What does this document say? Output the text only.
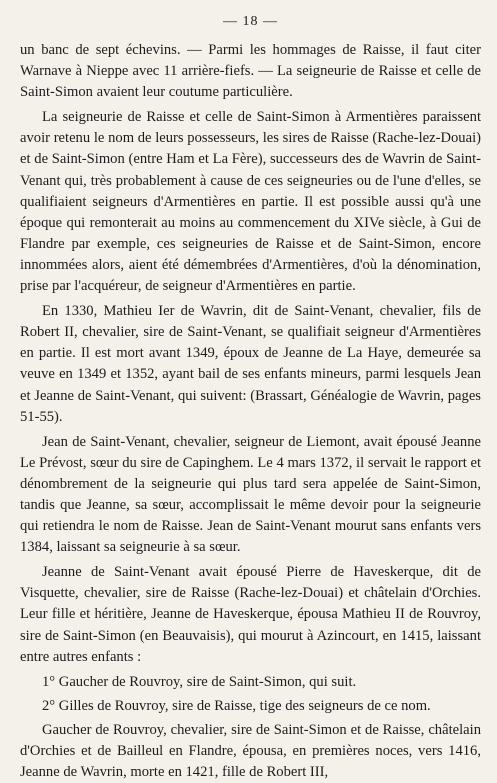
— 18 —

un banc de sept échevins. — Parmi les hommages de Raisse, il faut citer Warnave à Nieppe avec 11 arrière-fiefs. — La seigneurie de Raisse et celle de Saint-Simon avaient leur coutume particulière.

La seigneurie de Raisse et celle de Saint-Simon à Armentières paraissent avoir retenu le nom de leurs possesseurs, les sires de Raisse (Rache-lez-Douai) et de Saint-Simon (entre Ham et La Fère), successeurs des de Wavrin de Saint-Venant qui, très probablement à cause de ces seigneuries ou de l'une d'elles, se qualifiaient seigneurs d'Armentières en partie. Il est possible aussi qu'à une époque qui remonterait au moins au commencement du XIVe siècle, à Gui de Flandre par exemple, ces seigneuries de Raisse et de Saint-Simon, encore innommées alors, aient été démembrées d'Armentières, d'où la dénomination, prise par l'acquéreur, de seigneur d'Armentières en partie.

En 1330, Mathieu Ier de Wavrin, dit de Saint-Venant, chevalier, fils de Robert II, chevalier, sire de Saint-Venant, se qualifiait seigneur d'Armentières en partie. Il est mort avant 1349, époux de Jeanne de La Haye, demeurée sa veuve en 1349 et 1352, ayant bail de ses enfants mineurs, parmi lesquels Jean et Jeanne de Saint-Venant, qui suivent: (Brassart, Généalogie de Wavrin, pages 51-55).

Jean de Saint-Venant, chevalier, seigneur de Liemont, avait épousé Jeanne Le Prévost, sœur du sire de Capinghem. Le 4 mars 1372, il servait le rapport et dénombrement de la seigneurie qui plus tard sera appelée de Saint-Simon, tandis que Jeanne, sa sœur, accomplissait le même devoir pour la seigneurie qui retiendra le nom de Raisse. Jean de Saint-Venant mourut sans enfants vers 1384, laissant sa seigneurie à sa sœur.

Jeanne de Saint-Venant avait épousé Pierre de Haveskerque, dit de Visquette, chevalier, sire de Raisse (Rache-lez-Douai) et châtelain d'Orchies. Leur fille et héritière, Jeanne de Haveskerque, épousa Mathieu II de Rouvroy, sire de Saint-Simon (en Beauvaisis), qui mourut à Azincourt, en 1415, laissant entre autres enfants :

1° Gaucher de Rouvroy, sire de Saint-Simon, qui suit.

2° Gilles de Rouvroy, sire de Raisse, tige des seigneurs de ce nom.

Gaucher de Rouvroy, chevalier, sire de Saint-Simon et de Raisse, châtelain d'Orchies et de Bailleul en Flandre, épousa, en premières noces, vers 1416, Jeanne de Wavrin, morte en 1421, fille de Robert III,
